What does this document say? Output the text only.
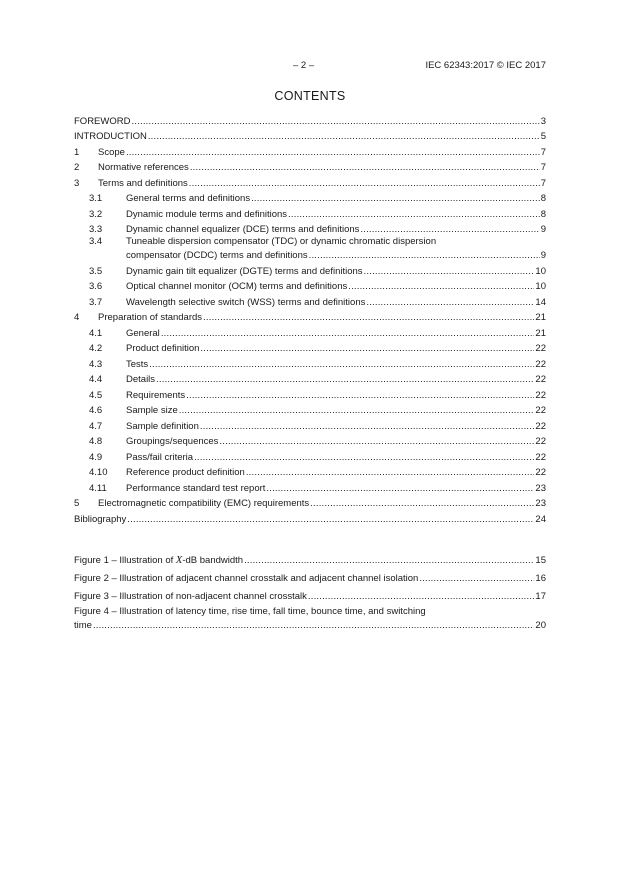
– 2 –	IEC 62343:2017 © IEC 2017
CONTENTS
FOREWORD .....	3
INTRODUCTION .....	5
1	Scope .....	7
2	Normative references .....	7
3	Terms and definitions .....	7
3.1	General terms and definitions .....	8
3.2	Dynamic module terms and definitions .....	8
3.3	Dynamic channel equalizer (DCE) terms and definitions .....	9
3.4	Tuneable dispersion compensator (TDC) or dynamic chromatic dispersion
compensator (DCDC) terms and definitions .....	9
3.5	Dynamic gain tilt equalizer (DGTE) terms and definitions .....	10
3.6	Optical channel monitor (OCM) terms and definitions .....	10
3.7	Wavelength selective switch (WSS) terms and definitions .....	14
4	Preparation of standards .....	21
4.1	General .....	21
4.2	Product definition .....	22
4.3	Tests .....	22
4.4	Details .....	22
4.5	Requirements .....	22
4.6	Sample size .....	22
4.7	Sample definition .....	22
4.8	Groupings/sequences .....	22
4.9	Pass/fail criteria .....	22
4.10	Reference product definition .....	22
4.11	Performance standard test report .....	23
5	Electromagnetic compatibility (EMC) requirements .....	23
Bibliography .....	24
Figure 1 – Illustration of X-dB bandwidth .....	15
Figure 2 – Illustration of adjacent channel crosstalk and adjacent channel isolation .....	16
Figure 3 – Illustration of non-adjacent channel crosstalk .....	17
Figure 4 – Illustration of latency time, rise time, fall time, bounce time, and switching
time .....	20
